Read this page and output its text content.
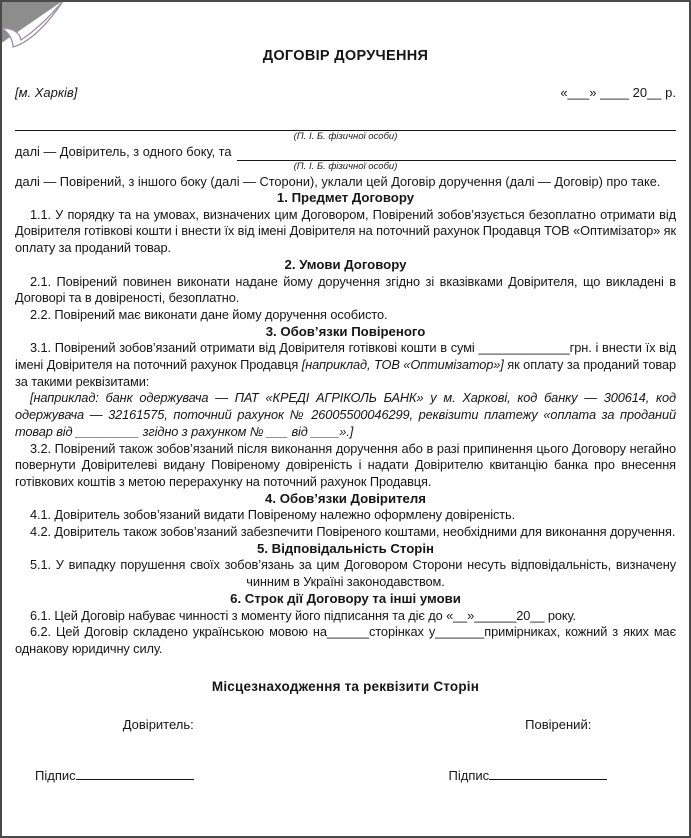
ДОГОВІР ДОРУЧЕННЯ
[м. Харків]	«___» ____ 20__ р.
(П. І. Б. фізичної особи)
далі — Довіритель, з одного боку, та
(П. І. Б. фізичної особи)
далі — Повірений, з іншого боку (далі — Сторони), уклали цей Договір доручення (далі — Договір) про таке.
1. Предмет Договору

1.1. У порядку та на умовах, визначених цим Договором, Повірений зобов’язується безоплатно отримати від Довірителя готівкові кошти і внести їх від імені Довірителя на поточний рахунок Продавця ТОВ «Оптимізатор» як оплату за проданий товар.

2. Умови Договору

2.1. Повірений повинен виконати надане йому доручення згідно зі вказівками Довірителя, що викладені в Договорі та в довіреності, безоплатно.

2.2. Повірений має виконати дане йому доручення особисто.

3. Обов’язки Повіреного

3.1. Повірений зобов’язаний отримати від Довірителя готівкові кошти в сумі _____________грн. і внести їх від імені Довірителя на поточний рахунок Продавця [наприклад, ТОВ «Оптимізатор»] як оплату за проданий товар за такими реквізитами:

[наприклад: банк одержувача — ПАТ «КРЕДІ АГРІКОЛЬ БАНК» у м. Харкові, код банку — 300614, код одержувача — 32161575, поточний рахунок № 26005500046299, реквізити платежу «оплата за проданий товар від _________ згідно з рахунком № ___ від ____».]

3.2. Повірений також зобов’язаний після виконання доручення або в разі припинення цього Договору негайно повернути Довірителеві видану Повіреному довіреність і надати Довірителю квитанцію банка про внесення готівкових коштів з метою перерахунку на поточний рахунок Продавця.

4. Обов’язки Довірителя

4.1. Довіритель зобов’язаний видати Повіреному належно оформлену довіреність.

4.2. Довіритель також зобов’язаний забезпечити Повіреного коштами, необхідними для виконання доручення.

5. Відповідальність Сторін

5.1. У випадку порушення своїх зобов’язань за цим Договором Сторони несуть відповідальність, визначену чинним в Україні законодавством.

6. Строк дії Договору та інші умови

6.1. Цей Договір набуває чинності з моменту його підписання та діє до «__»______20__ року.

6.2. Цей Договір складено українською мовою на______сторінках у_______примірниках, кожний з яких має однакову юридичну силу.

Місцезнаходження та реквізити Сторін
Довіритель:	Повірений:
Підпис	Підпис
